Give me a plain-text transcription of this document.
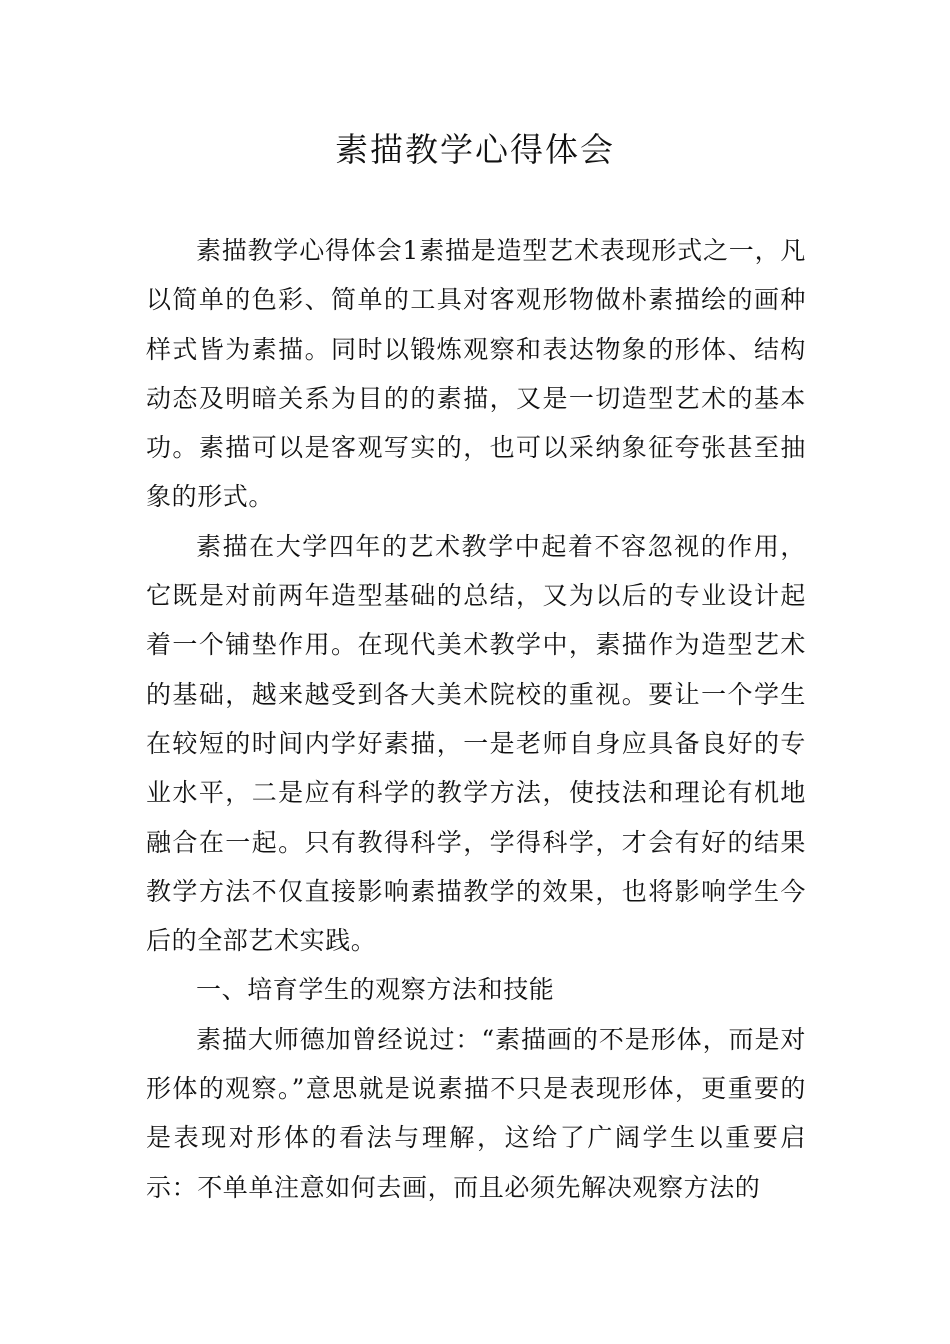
素描教学心得体会

素描教学心得体会1素描是造型艺术表现形式之一，凡以简单的色彩、简单的工具对客观形物做朴素描绘的画种样式皆为素描。同时以锻炼观察和表达物象的形体、结构动态及明暗关系为目的的素描，又是一切造型艺术的基本功。素描可以是客观写实的，也可以采纳象征夸张甚至抽象的形式。

素描在大学四年的艺术教学中起着不容忽视的作用，它既是对前两年造型基础的总结，又为以后的专业设计起着一个铺垫作用。在现代美术教学中，素描作为造型艺术的基础，越来越受到各大美术院校的重视。要让一个学生在较短的时间内学好素描，一是老师自身应具备良好的专业水平，二是应有科学的教学方法，使技法和理论有机地融合在一起。只有教得科学，学得科学，才会有好的结果教学方法不仅直接影响素描教学的效果，也将影响学生今后的全部艺术实践。

一、培育学生的观察方法和技能

素描大师德加曾经说过：“素描画的不是形体，而是对形体的观察。”意思就是说素描不只是表现形体，更重要的是表现对形体的看法与理解，这给了广阔学生以重要启示：不单单注意如何去画，而且必须先解决观察方法的
